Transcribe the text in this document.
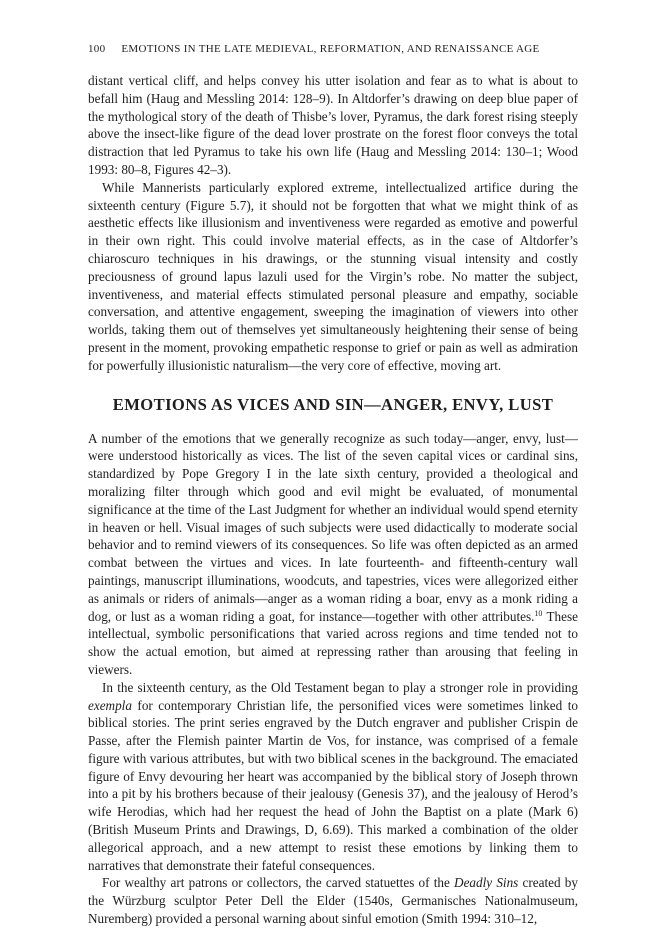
100 EMOTIONS IN THE LATE MEDIEVAL, REFORMATION, AND RENAISSANCE AGE

distant vertical cliff, and helps convey his utter isolation and fear as to what is about to befall him (Haug and Messling 2014: 128–9). In Altdorfer’s drawing on deep blue paper of the mythological story of the death of Thisbe’s lover, Pyramus, the dark forest rising steeply above the insect-like figure of the dead lover prostrate on the forest floor conveys the total distraction that led Pyramus to take his own life (Haug and Messling 2014: 130–1; Wood 1993: 80–8, Figures 42–3).

While Mannerists particularly explored extreme, intellectualized artifice during the sixteenth century (Figure 5.7), it should not be forgotten that what we might think of as aesthetic effects like illusionism and inventiveness were regarded as emotive and powerful in their own right. This could involve material effects, as in the case of Altdorfer’s chiaroscuro techniques in his drawings, or the stunning visual intensity and costly preciousness of ground lapus lazuli used for the Virgin’s robe. No matter the subject, inventiveness, and material effects stimulated personal pleasure and empathy, sociable conversation, and attentive engagement, sweeping the imagination of viewers into other worlds, taking them out of themselves yet simultaneously heightening their sense of being present in the moment, provoking empathetic response to grief or pain as well as admiration for powerfully illusionistic naturalism—the very core of effective, moving art.

EMOTIONS AS VICES AND SIN—ANGER, ENVY, LUST

A number of the emotions that we generally recognize as such today—anger, envy, lust—were understood historically as vices. The list of the seven capital vices or cardinal sins, standardized by Pope Gregory I in the late sixth century, provided a theological and moralizing filter through which good and evil might be evaluated, of monumental significance at the time of the Last Judgment for whether an individual would spend eternity in heaven or hell. Visual images of such subjects were used didactically to moderate social behavior and to remind viewers of its consequences. So life was often depicted as an armed combat between the virtues and vices. In late fourteenth- and fifteenth-century wall paintings, manuscript illuminations, woodcuts, and tapestries, vices were allegorized either as animals or riders of animals—anger as a woman riding a boar, envy as a monk riding a dog, or lust as a woman riding a goat, for instance—together with other attributes.$^{10}$ These intellectual, symbolic personifications that varied across regions and time tended not to show the actual emotion, but aimed at repressing rather than arousing that feeling in viewers.

In the sixteenth century, as the Old Testament began to play a stronger role in providing exempla for contemporary Christian life, the personified vices were sometimes linked to biblical stories. The print series engraved by the Dutch engraver and publisher Crispin de Passe, after the Flemish painter Martin de Vos, for instance, was comprised of a female figure with various attributes, but with two biblical scenes in the background. The emaciated figure of Envy devouring her heart was accompanied by the biblical story of Joseph thrown into a pit by his brothers because of their jealousy (Genesis 37), and the jealousy of Herod’s wife Herodias, which had her request the head of John the Baptist on a plate (Mark 6) (British Museum Prints and Drawings, D, 6.69). This marked a combination of the older allegorical approach, and a new attempt to resist these emotions by linking them to narratives that demonstrate their fateful consequences.

For wealthy art patrons or collectors, the carved statuettes of the Deadly Sins created by the Würzburg sculptor Peter Dell the Elder (1540s, Germanisches Nationalmuseum, Nuremberg) provided a personal warning about sinful emotion (Smith 1994: 310–12,
